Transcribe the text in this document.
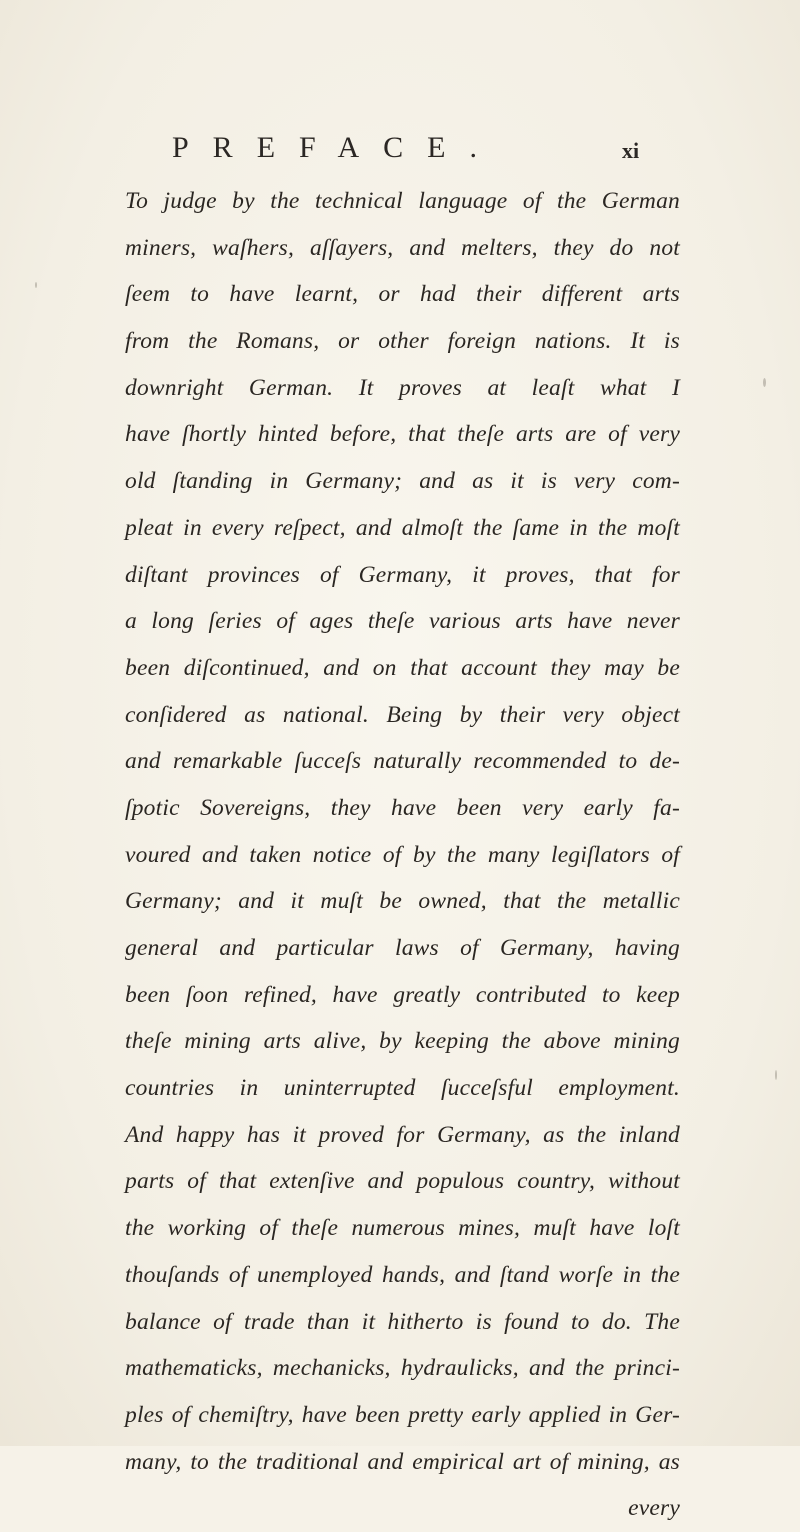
PREFACE.	xi
To judge by the technical language of the German
miners, waſhers, aſſayers, and melters, they do not
ſeem to have learnt, or had their different arts
from the Romans, or other foreign nations. It is
downright German. It proves at leaſt what I
have ſhortly hinted before, that theſe arts are of very
old ſtanding in Germany; and as it is very com-
pleat in every reſpect, and almoſt the ſame in the moſt
diſtant provinces of Germany, it proves, that for
a long ſeries of ages theſe various arts have never
been diſcontinued, and on that account they may be
conſidered as national. Being by their very object
and remarkable ſucceſs naturally recommended to de-
ſpotic Sovereigns, they have been very early fa-
voured and taken notice of by the many legiſlators of
Germany; and it muſt be owned, that the metallic
general and particular laws of Germany, having
been ſoon refined, have greatly contributed to keep
theſe mining arts alive, by keeping the above mining
countries in uninterrupted ſucceſsful employment.
And happy has it proved for Germany, as the inland
parts of that extenſive and populous country, without
the working of theſe numerous mines, muſt have loſt
thouſands of unemployed hands, and ſtand worſe in the
balance of trade than it hitherto is found to do. The
mathematicks, mechanicks, hydraulicks, and the princi-
ples of chemiſtry, have been pretty early applied in Ger-
many, to the traditional and empirical art of mining, as
every
